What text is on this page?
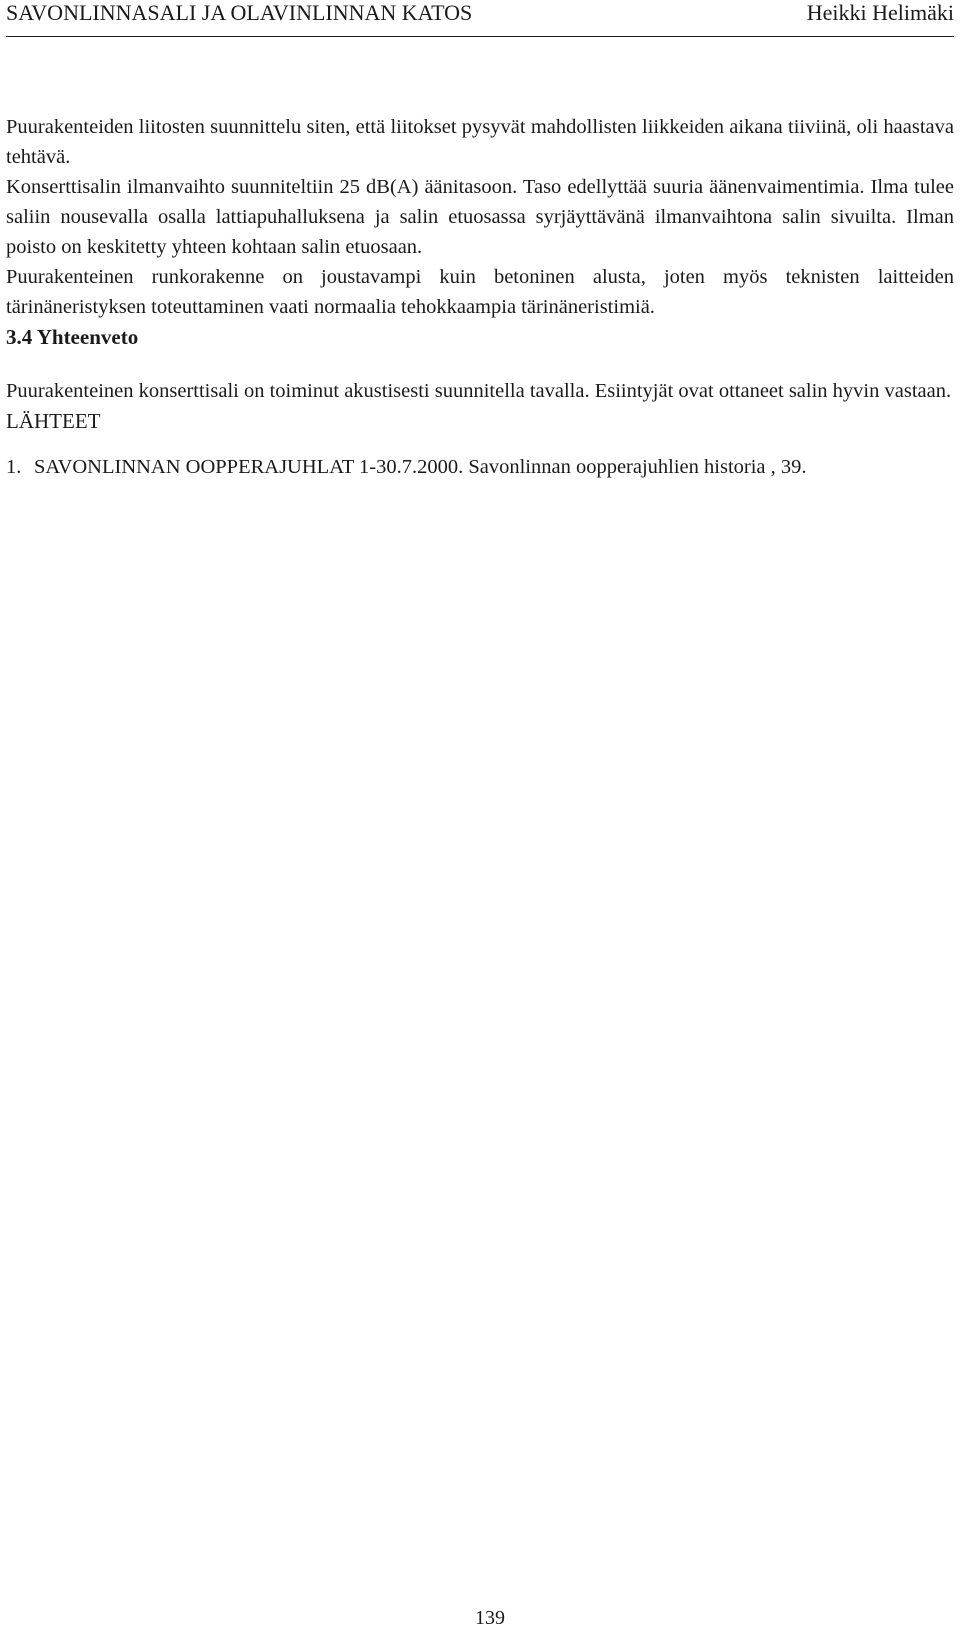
SAVONLINNASALI JA OLAVINLINNAN KATOS	Heikki Helimäki

Puurakenteiden liitosten suunnittelu siten, että liitokset pysyvät mahdollisten liikkeiden aikana tiiviinä, oli haastava tehtävä.

Konserttisalin ilmanvaihto suunniteltiin 25 dB(A) äänitasoon. Taso edellyttää suuria äänenvaimentimia. Ilma tulee saliin nousevalla osalla lattiapuhalluksena ja salin etuosassa syrjäyttävänä ilmanvaihtona salin sivuilta. Ilman poisto on keskitetty yhteen kohtaan salin etuosaan.

Puurakenteinen runkorakenne on joustavampi kuin betoninen alusta, joten myös teknisten laitteiden tärinäneristyksen toteuttaminen vaati normaalia tehokkaampia tärinäneristimiä.

3.4 Yhteenveto

Puurakenteinen konserttisali on toiminut akustisesti suunnitella tavalla. Esiintyjät ovat ottaneet salin hyvin vastaan.

LÄHTEET
1. SAVONLINNAN OOPPERAJUHLAT 1-30.7.2000. Savonlinnan oopperajuhlien historia , 39.
139
